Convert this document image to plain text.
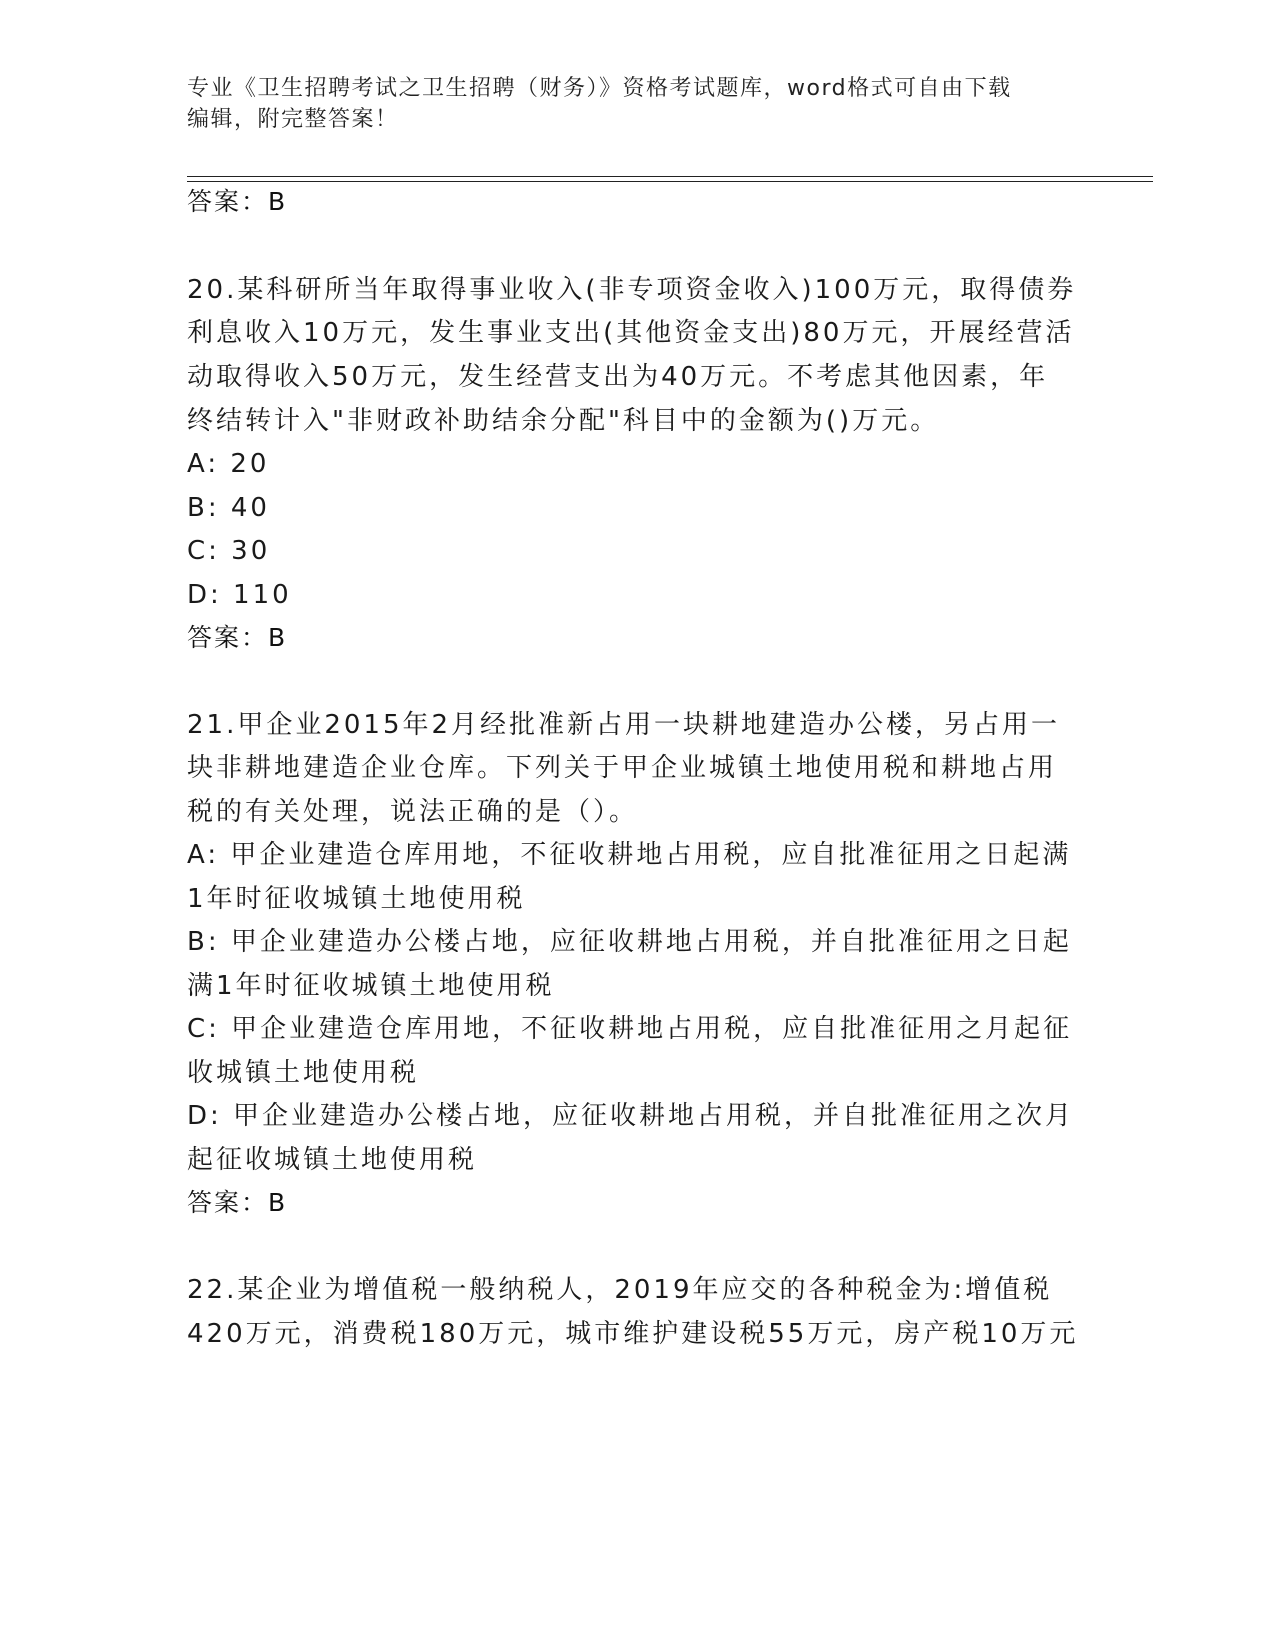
专业《卫生招聘考试之卫生招聘（财务）》资格考试题库，word格式可自由下载
编辑，附完整答案！
答案：B
20.某科研所当年取得事业收入(非专项资金收入)100万元，取得债券
利息收入10万元，发生事业支出(其他资金支出)80万元，开展经营活
动取得收入50万元，发生经营支出为40万元。不考虑其他因素，年
终结转计入"非财政补助结余分配"科目中的金额为()万元。
A: 20
B: 40
C: 30
D: 110
答案：B
21.甲企业2015年2月经批准新占用一块耕地建造办公楼，另占用一
块非耕地建造企业仓库。下列关于甲企业城镇土地使用税和耕地占用
税的有关处理，说法正确的是（）。
A: 甲企业建造仓库用地，不征收耕地占用税，应自批准征用之日起满
1年时征收城镇土地使用税
B: 甲企业建造办公楼占地，应征收耕地占用税，并自批准征用之日起
满1年时征收城镇土地使用税
C: 甲企业建造仓库用地，不征收耕地占用税，应自批准征用之月起征
收城镇土地使用税
D: 甲企业建造办公楼占地，应征收耕地占用税，并自批准征用之次月
起征收城镇土地使用税
答案：B
22.某企业为增值税一般纳税人，2019年应交的各种税金为:增值税
420万元，消费税180万元，城市维护建设税55万元，房产税10万元
